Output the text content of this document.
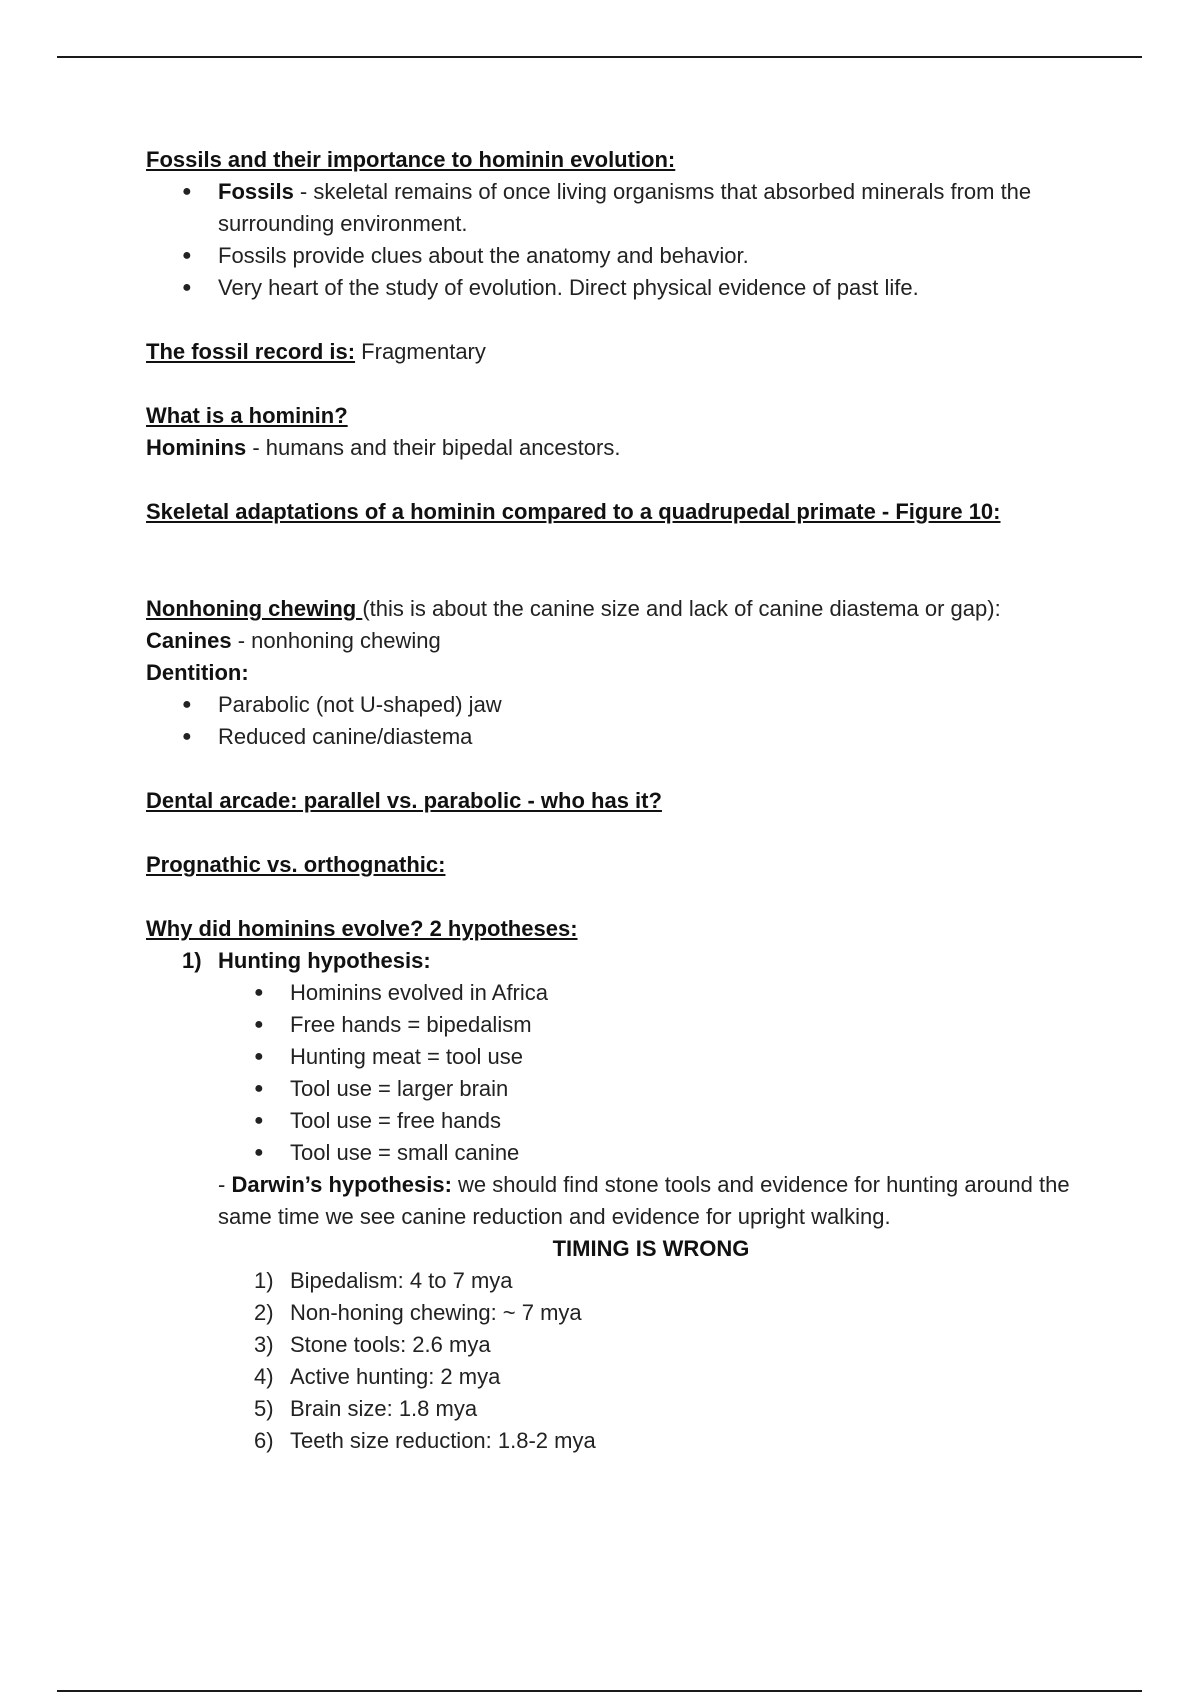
Fossils and their importance to hominin evolution:

● Fossils - skeletal remains of once living organisms that absorbed minerals from the surrounding environment.
● Fossils provide clues about the anatomy and behavior.
● Very heart of the study of evolution. Direct physical evidence of past life.

The fossil record is: Fragmentary

What is a hominin?

Hominins - humans and their bipedal ancestors.

Skeletal adaptations of a hominin compared to a quadrupedal primate - Figure 10:

Nonhoning chewing (this is about the canine size and lack of canine diastema or gap):

Canines - nonhoning chewing

Dentition:

● Parabolic (not U-shaped) jaw
● Reduced canine/diastema

Dental arcade: parallel vs. parabolic - who has it?

Prognathic vs. orthognathic:

Why did hominins evolve? 2 hypotheses:

1) Hunting hypothesis:
● Hominins evolved in Africa
● Free hands = bipedalism
● Hunting meat = tool use
● Tool use = larger brain
● Tool use = free hands
● Tool use = small canine

- Darwin’s hypothesis: we should find stone tools and evidence for hunting around the same time we see canine reduction and evidence for upright walking.

TIMING IS WRONG

1) Bipedalism: 4 to 7 mya
2) Non-honing chewing: ~ 7 mya
3) Stone tools: 2.6 mya
4) Active hunting: 2 mya
5) Brain size: 1.8 mya
6) Teeth size reduction: 1.8-2 mya
